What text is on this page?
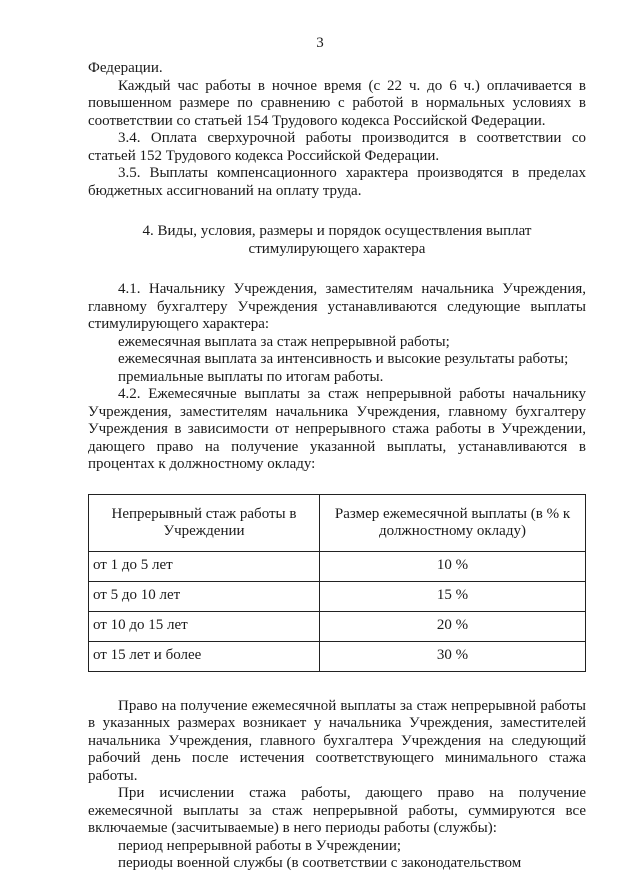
3

Федерации.

Каждый час работы в ночное время (с 22 ч. до 6 ч.) оплачивается в повышенном размере по сравнению с работой в нормальных условиях в соответствии со статьей 154 Трудового кодекса Российской Федерации.

3.4. Оплата сверхурочной работы производится в соответствии со статьей 152 Трудового кодекса Российской Федерации.

3.5. Выплаты компенсационного характера производятся в пределах бюджетных ассигнований на оплату труда.

4. Виды, условия, размеры и порядок осуществления выплат
стимулирующего характера

4.1. Начальнику Учреждения, заместителям начальника Учреждения, главному бухгалтеру Учреждения устанавливаются следующие выплаты стимулирующего характера:

ежемесячная выплата за стаж непрерывной работы;

ежемесячная выплата за интенсивность и высокие результаты работы;

премиальные выплаты по итогам работы.

4.2. Ежемесячные выплаты за стаж непрерывной работы начальнику Учреждения, заместителям начальника Учреждения, главному бухгалтеру Учреждения в зависимости от непрерывного стажа работы в Учреждении, дающего право на получение указанной выплаты, устанавливаются в процентах к должностному окладу:

Непрерывный стаж работы в Учреждении	Размер ежемесячной выплаты (в % к должностному окладу)
от 1 до 5 лет	10 %
от 5 до 10 лет	15 %
от 10 до 15 лет	20 %
от 15 лет и более	30 %

Право на получение ежемесячной выплаты за стаж непрерывной работы в указанных размерах возникает у начальника Учреждения, заместителей начальника Учреждения, главного бухгалтера Учреждения на следующий рабочий день после истечения соответствующего минимального стажа работы.

При исчислении стажа работы, дающего право на получение ежемесячной выплаты за стаж непрерывной работы, суммируются все включаемые (засчитываемые) в него периоды работы (службы):

период непрерывной работы в Учреждении;

периоды военной службы (в соответствии с законодательством
